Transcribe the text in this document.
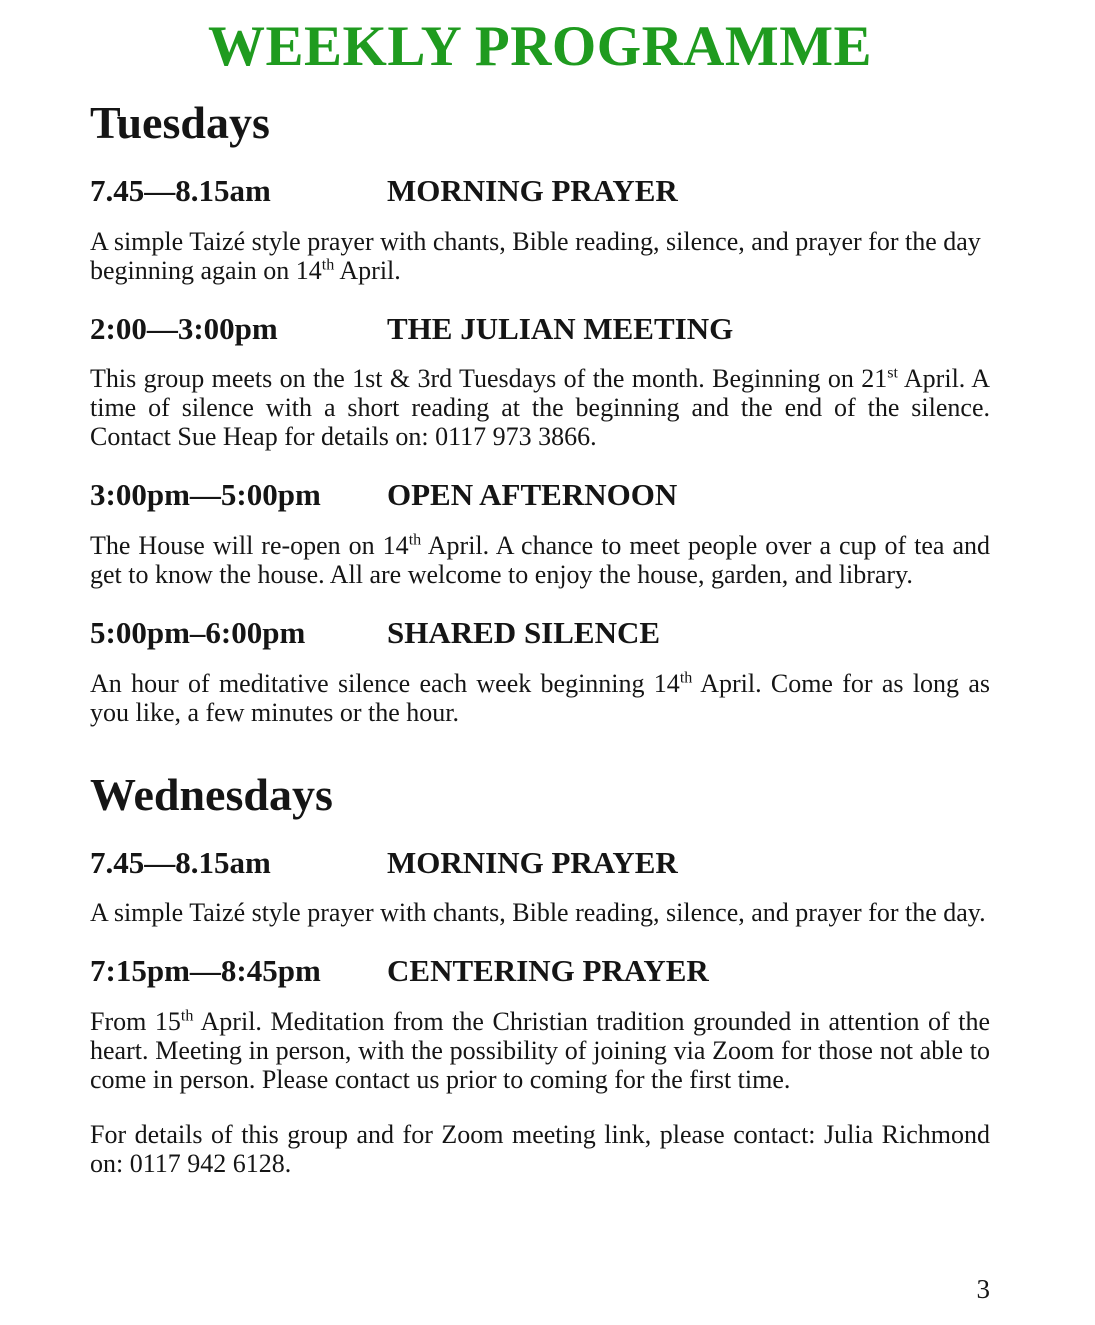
WEEKLY PROGRAMME
Tuesdays
7.45—8.15am	MORNING PRAYER

A simple Taizé style prayer with chants, Bible reading, silence, and prayer for the day beginning again on 14th April.

2:00—3:00pm	THE JULIAN MEETING

This group meets on the 1st & 3rd Tuesdays of the month. Beginning on 21st April. A time of silence with a short reading at the beginning and the end of the silence. Contact Sue Heap for details on: 0117 973 3866.

3:00pm—5:00pm OPEN AFTERNOON

The House will re-open on 14th April. A chance to meet people over a cup of tea and get to know the house. All are welcome to enjoy the house, garden, and library.

5:00pm–6:00pm	SHARED SILENCE

An hour of meditative silence each week beginning 14th April. Come for as long as you like, a few minutes or the hour.

Wednesdays
7.45—8.15am	MORNING PRAYER

A simple Taizé style prayer with chants, Bible reading, silence, and prayer for the day.

7:15pm—8:45pm CENTERING PRAYER

From 15th April. Meditation from the Christian tradition grounded in attention of the heart. Meeting in person, with the possibility of joining via Zoom for those not able to come in person. Please contact us prior to coming for the first time.

For details of this group and for Zoom meeting link, please contact: Julia Richmond on: 0117 942 6128.

3
